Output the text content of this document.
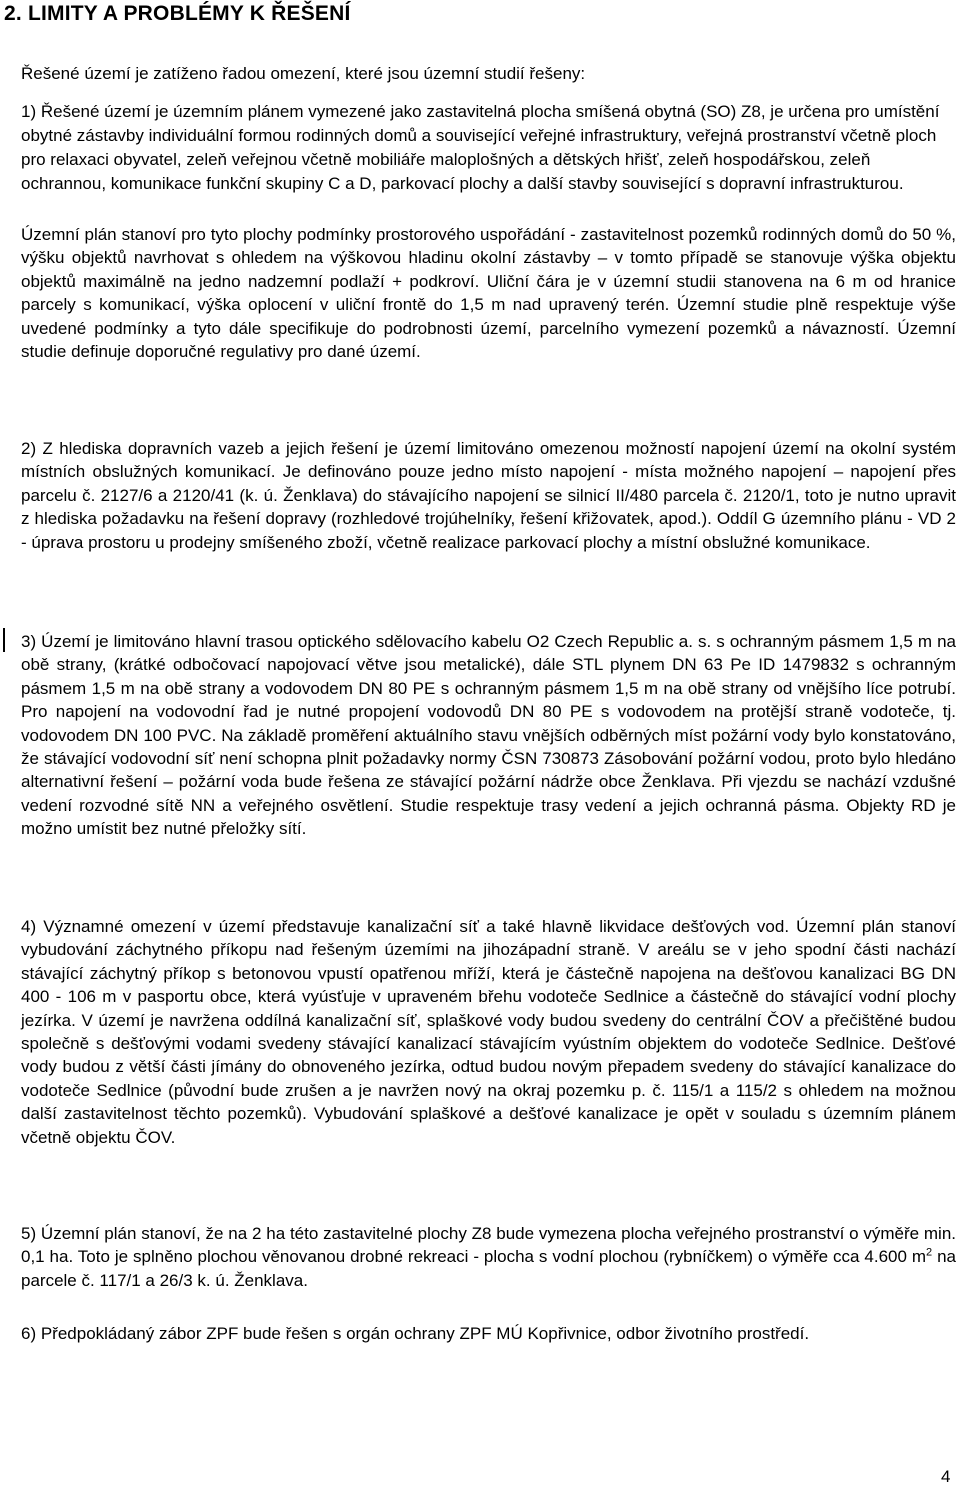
2. LIMITY A PROBLÉMY K ŘEŠENÍ

Řešené území je zatíženo řadou omezení, které jsou územní studií řešeny:

1) Řešené území je územním plánem vymezené jako zastavitelná plocha smíšená obytná (SO) Z8, je určena pro umístění obytné zástavby individuální formou rodinných domů a související veřejné infrastruktury, veřejná prostranství včetně ploch pro relaxaci obyvatel, zeleň veřejnou včetně mobiliáře maloplošných a dětských hřišť, zeleň hospodářskou, zeleň ochrannou, komunikace funkční skupiny C a D, parkovací plochy a další stavby související s dopravní infrastrukturou.

Územní plán stanoví pro tyto plochy podmínky prostorového uspořádání - zastavitelnost pozemků rodinných domů do 50 %, výšku objektů navrhovat s ohledem na výškovou hladinu okolní zástavby – v tomto případě se stanovuje výška objektu objektů maximálně na jedno nadzemní podlaží + podkroví. Uliční čára je v územní studii stanovena na 6 m od hranice parcely s komunikací, výška oplocení v uliční frontě do 1,5 m nad upravený terén. Územní studie plně respektuje výše uvedené podmínky a tyto dále specifikuje do podrobnosti území, parcelního vymezení pozemků a návazností. Územní studie definuje doporučné regulativy pro dané území.

2) Z hlediska dopravních vazeb a jejich řešení je území limitováno omezenou možností napojení území na okolní systém místních obslužných komunikací. Je definováno pouze jedno místo napojení - místa možného napojení – napojení přes parcelu č. 2127/6 a 2120/41 (k. ú. Ženklava) do stávajícího napojení se silnicí II/480 parcela č. 2120/1, toto je nutno upravit z hlediska požadavku na řešení dopravy (rozhledové trojúhelníky, řešení křižovatek, apod.). Oddíl G územního plánu - VD 2 - úprava prostoru u prodejny smíšeného zboží, včetně realizace parkovací plochy a místní obslužné komunikace.

3) Území je limitováno hlavní trasou optického sdělovacího kabelu O2 Czech Republic a. s. s ochranným pásmem 1,5 m na obě strany, (krátké odbočovací napojovací větve jsou metalické), dále STL plynem DN 63 Pe ID 1479832 s ochranným pásmem 1,5 m na obě strany a vodovodem DN 80 PE s ochranným pásmem 1,5 m na obě strany od vnějšího líce potrubí. Pro napojení na vodovodní řad je nutné propojení vodovodů DN 80 PE s vodovodem na protější straně vodoteče, tj. vodovodem DN 100 PVC. Na základě proměření aktuálního stavu vnějších odběrných míst požární vody bylo konstatováno, že stávající vodovodní síť není schopna plnit požadavky normy ČSN 730873 Zásobování požární vodou, proto bylo hledáno alternativní řešení – požární voda bude řešena ze stávající požární nádrže obce Ženklava. Při vjezdu se nachází vzdušné vedení rozvodné sítě NN a veřejného osvětlení. Studie respektuje trasy vedení a jejich ochranná pásma. Objekty RD je možno umístit bez nutné přeložky sítí.

4) Významné omezení v území představuje kanalizační síť a také hlavně likvidace dešťových vod. Územní plán stanoví vybudování záchytného příkopu nad řešeným územími na jihozápadní straně. V areálu se v jeho spodní části nachází stávající záchytný příkop s betonovou vpustí opatřenou mříží, která je částečně napojena na dešťovou kanalizaci BG DN 400 - 106 m v pasportu obce, která vyúsťuje v upraveném břehu vodoteče Sedlnice a částečně do stávající vodní plochy jezírka. V území je navržena oddílná kanalizační síť, splaškové vody budou svedeny do centrální ČOV a přečištěné budou společně s dešťovými vodami svedeny stávající kanalizací stávajícím vyústním objektem do vodoteče Sedlnice. Dešťové vody budou z větší části jímány do obnoveného jezírka, odtud budou novým přepadem svedeny do stávající kanalizace do vodoteče Sedlnice (původní bude zrušen a je navržen nový na okraj pozemku p. č. 115/1 a 115/2 s ohledem na možnou další zastavitelnost těchto pozemků). Vybudování splaškové a dešťové kanalizace je opět v souladu s územním plánem včetně objektu ČOV.

5) Územní plán stanoví, že na 2 ha této zastavitelné plochy Z8 bude vymezena plocha veřejného prostranství o výměře min. 0,1 ha. Toto je splněno plochou věnovanou drobné rekreaci - plocha s vodní plochou (rybníčkem) o výměře cca 4.600 $m^2$ na parcele č. 117/1 a 26/3 k. ú. Ženklava.

6) Předpokládaný zábor ZPF bude řešen s orgán ochrany ZPF MÚ Kopřivnice, odbor životního prostředí.

4
